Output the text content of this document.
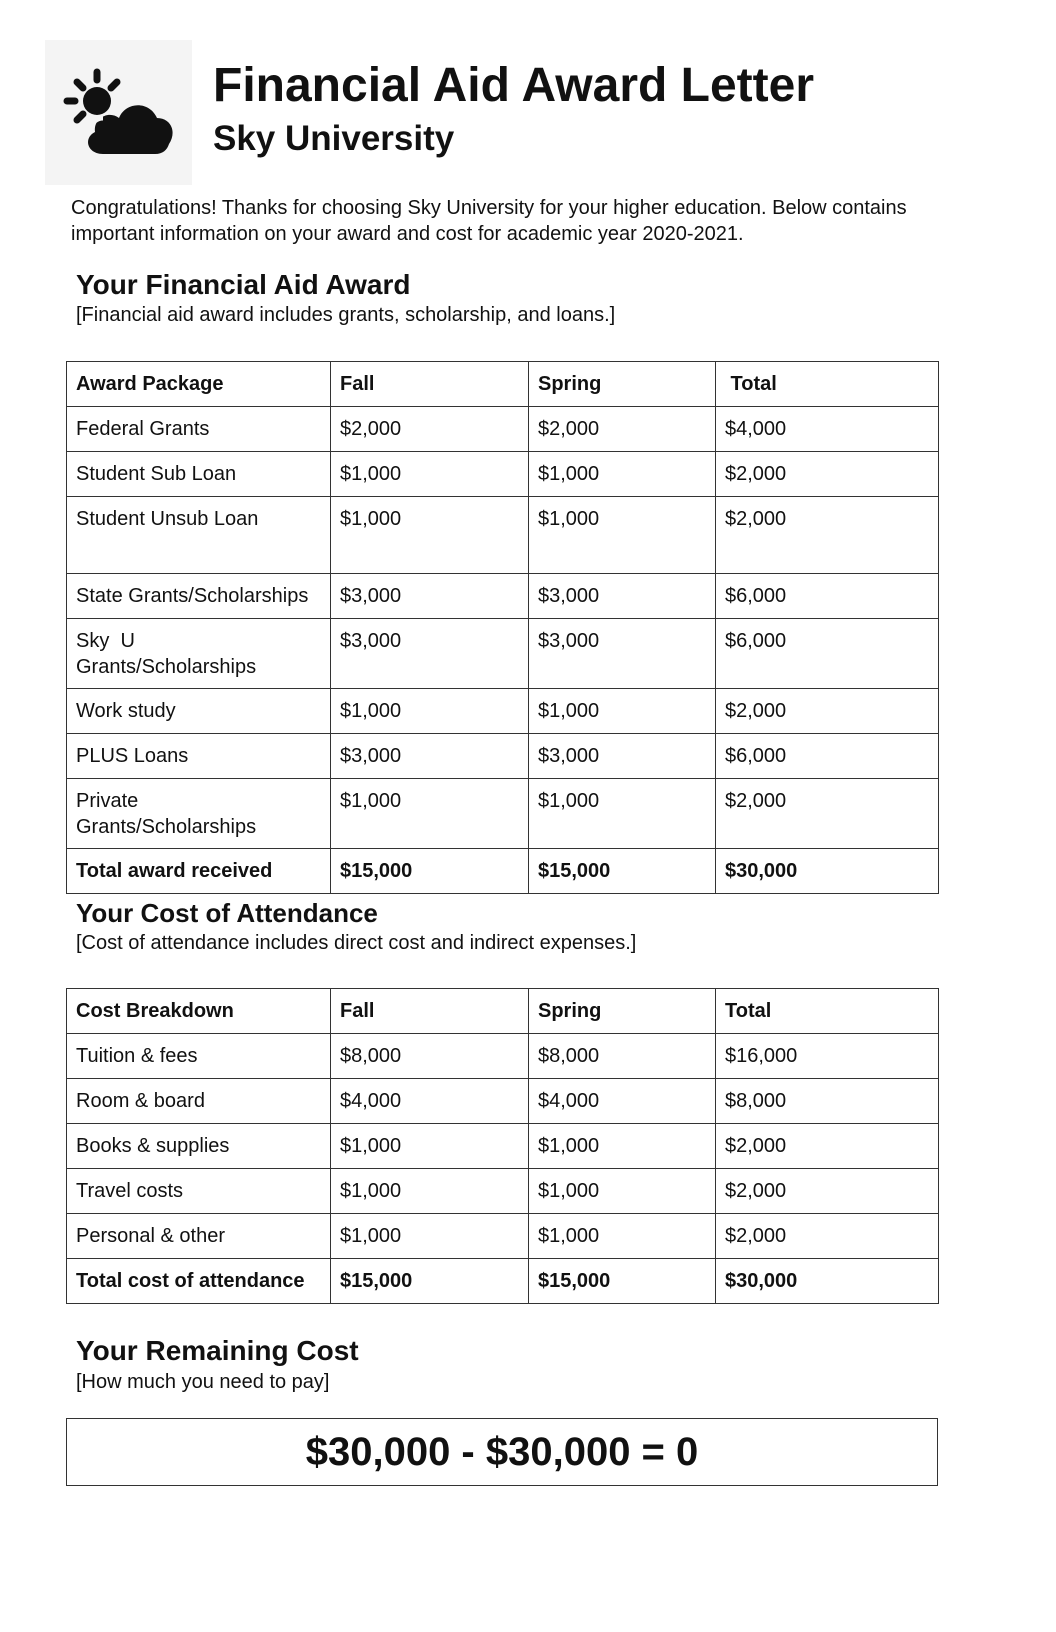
Financial Aid Award Letter
Sky University

Congratulations! Thanks for choosing Sky University for your higher education. Below contains important information on your award and cost for academic year 2020-2021.

Your Financial Aid Award

[Financial aid award includes grants, scholarship, and loans.]

Award Package	Fall	Spring	Total
Federal Grants	$2,000	$2,000	$4,000
Student Sub Loan	$1,000	$1,000	$2,000
Student Unsub Loan	$1,000	$1,000	$2,000
State Grants/Scholarships	$3,000	$3,000	$6,000
Sky  U Grants/Scholarships	$3,000	$3,000	$6,000
Work study	$1,000	$1,000	$2,000
PLUS Loans	$3,000	$3,000	$6,000
Private Grants/Scholarships	$1,000	$1,000	$2,000
Total award received	$15,000	$15,000	$30,000
Your Cost of Attendance

[Cost of attendance includes direct cost and indirect expenses.]

Cost Breakdown	Fall	Spring	Total
Tuition & fees	$8,000	$8,000	$16,000
Room & board	$4,000	$4,000	$8,000
Books & supplies	$1,000	$1,000	$2,000
Travel costs	$1,000	$1,000	$2,000
Personal & other	$1,000	$1,000	$2,000
Total cost of attendance	$15,000	$15,000	$30,000
Your Remaining Cost

[How much you need to pay]

$30,000 - $30,000 = 0
